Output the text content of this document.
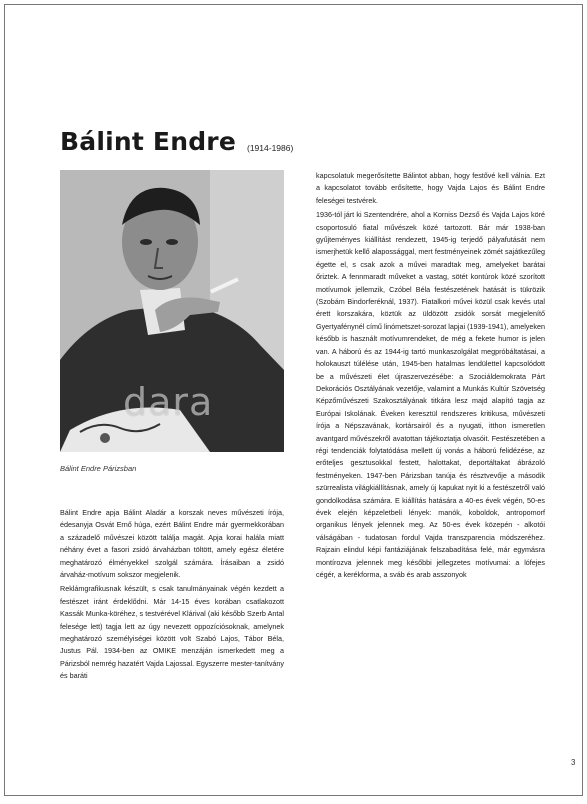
Bálint Endre (1914-1986)
dara
Bálint Endre Párizsban

Bálint Endre apja Bálint Aladár a korszak neves művészeti írója, édesanyja Osvát Ernő húga, ezért Bálint Endre már gyermekkorában a századelő művészei között találja magát. Apja korai halála miatt néhány évet a fasori zsidó árvaházban töltött, amely egész életére meghatározó élményekkel szolgál számára. Írásaiban a zsidó árvaház-motívum sokszor megjelenik.

Reklámgrafikusnak készült, s csak tanulmányainak végén kezdett a festészet iránt érdeklődni. Már 14-15 éves korában csatlakozott Kassák Munka-köréhez, s testvérével Klárival (aki később Szerb Antal felesége lett) tagja lett az úgy nevezett oppozíciósoknak, amelynek meghatározó személyiségei között volt Szabó Lajos, Tábor Béla, Justus Pál. 1934-ben az OMIKE menzáján ismerkedett meg a Párizsból nemrég hazatért Vajda Lajossal. Egyszerre mester-tanítvány és baráti

kapcsolatuk megerősítette Bálintot abban, hogy festővé kell válnia. Ezt a kapcsolatot tovább erősítette, hogy Vajda Lajos és Bálint Endre feleségei testvérek.

1936-tól járt ki Szentendrére, ahol a Korniss Dezső és Vajda Lajos köré csoportosuló fiatal művészek közé tartozott. Bár már 1938-ban gyűjteményes kiállítást rendezett, 1945-ig terjedő pályafutását nem ismerjhetük kellő alapossággal, mert festményeinek zömét sajátkezűleg égette el, s csak azok a művei maradtak meg, amelyeket barátai őriztek. A fennmaradt műveket a vastag, sötét kontúrok közé szorított motívumok jellemzik, Czóbel Béla festészetének hatását is tükrözik (Szobám Bindorferéknál, 1937). Fiatalkori művei közül csak kevés utal érett korszakára, köztük az üldözött zsidók sorsát megjelenítő Gyertyafénynél című linómetszet-sorozat lapjai (1939-1941), amelyeken később is használt motívumrendeket, de még a fekete humor is jelen van. A háború és az 1944-ig tartó munkaszolgálat megpróbáltatásai, a holokauszt túlélése után, 1945-ben hatalmas lendülettel kapcsolódott be a művészeti élet újraszervezésébe: a Szociáldemokrata Párt Dekorációs Osztályának vezetője, valamint a Munkás Kultúr Szövetség Képzőművészeti Szakosztályának titkára lesz majd alapító tagja az Európai Iskolának. Éveken keresztül rendszeres kritikusa, művészeti írója a Népszavának, kortársairól és a nyugati, itthon ismeretlen avantgard művészekről avatottan tájékoztatja olvasóit. Festészetében a régi tendenciák folytatódása mellett új vonás a háború felidézése, az erőteljes gesztusokkal festett, halottakat, deportáltakat ábrázoló festményeken. 1947-ben Párizsban tanúja és résztvevője a második szürrealista világkiállításnak, amely új kapukat nyit ki a festészetről való gondolkodása számára. E kiállítás hatására a 40-es évek végén, 50-es évek elején képzeletbeli lények: manók, koboldok, antropomorf organikus lények jelennek meg. Az 50-es évek közepén - alkotói válságában - tudatosan fordul Vajda transzparencia módszeréhez. Rajzain elindul képi fantáziájának felszabadítása felé, már egymásra montírozva jelennek meg későbbi jellegzetes motívumai: a lófejes cégér, a kerékforma, a sváb és arab asszonyok

3
